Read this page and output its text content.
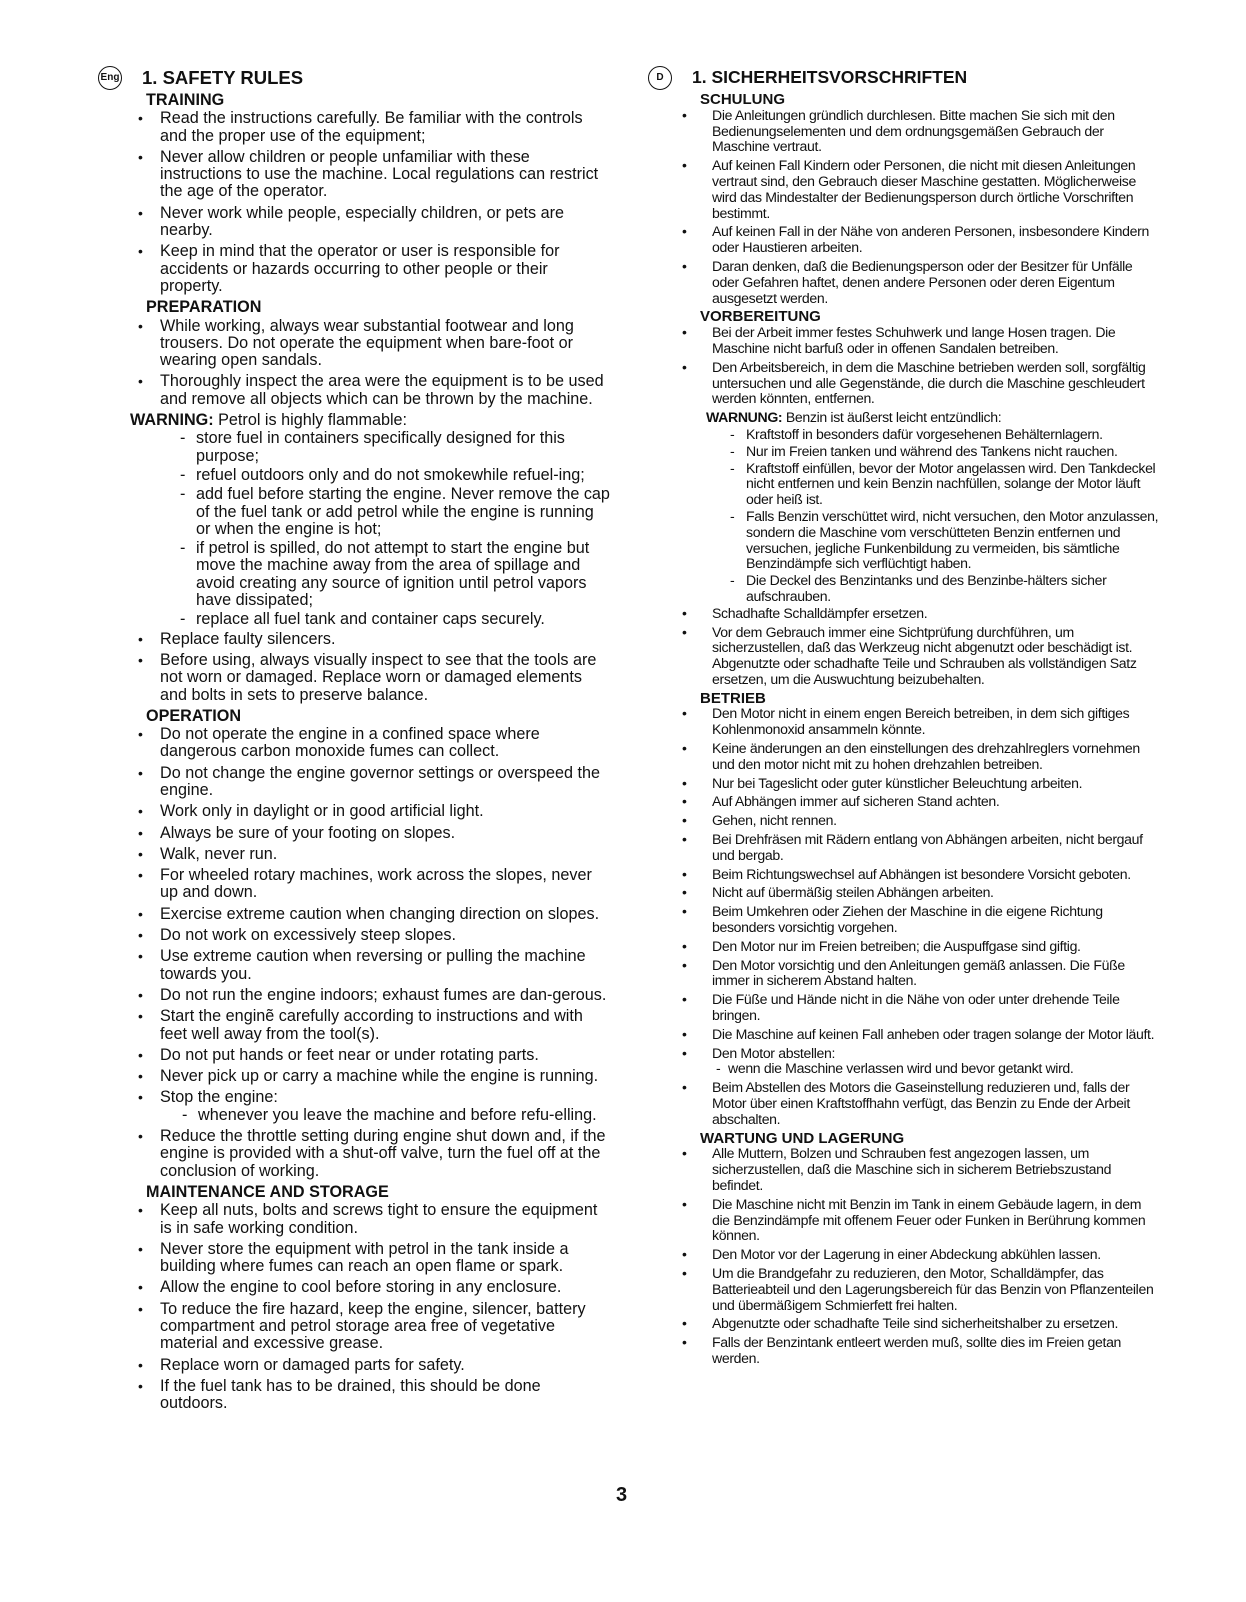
Eng 1. SAFETY RULES
TRAINING
• Read the instructions carefully. Be familiar with the controls and the proper use of the equipment;
• Never allow children or people unfamiliar with these instructions to use the machine. Local regulations can restrict the age of the operator.
• Never work while people, especially children, or pets are nearby.
• Keep in mind that the operator or user is responsible for accidents or hazards occurring to other people or their property.
PREPARATION
• While working, always wear substantial footwear and long trousers. Do not operate the equipment when bare-foot or wearing open sandals.
• Thoroughly inspect the area were the equipment is to be used and remove all objects which can be thrown by the machine.
WARNING: Petrol is highly flammable:
- store fuel in containers specifically designed for this purpose;
- refuel outdoors only and do not smokewhile refuel-ing;
- add fuel before starting the engine. Never remove the cap of the fuel tank or add petrol while the engine is running or when the engine is hot;
- if petrol is spilled, do not attempt to start the engine but move the machine away from the area of spillage and avoid creating any source of ignition until petrol vapors have dissipated;
- replace all fuel tank and container caps securely.
• Replace faulty silencers.
• Before using, always visually inspect to see that the tools are not worn or damaged. Replace worn or damaged elements and bolts in sets to preserve balance.
OPERATION
• Do not operate the engine in a confined space where dangerous carbon monoxide fumes can collect.
• Do not change the engine governor settings or overspeed the engine.
• Work only in daylight or in good artificial light.
• Always be sure of your footing on slopes.
• Walk, never run.
• For wheeled rotary machines, work across the slopes, never up and down.
• Exercise extreme caution when changing direction on slopes.
• Do not work on excessively steep slopes.
• Use extreme caution when reversing or pulling the machine towards you.
• Do not run the engine indoors; exhaust fumes are dan-gerous.
• Start the enginẽ carefully according to instructions and with feet well away from the tool(s).
• Do not put hands or feet near or under rotating parts.
• Never pick up or carry a machine while the engine is running.
• Stop the engine:
- whenever you leave the machine and before refu-elling.
• Reduce the throttle setting during engine shut down and, if the engine is provided with a shut-off valve, turn the fuel off at the conclusion of working.
MAINTENANCE AND STORAGE
• Keep all nuts, bolts and screws tight to ensure the equipment is in safe working condition.
• Never store the equipment with petrol in the tank inside a building where fumes can reach an open flame or spark.
• Allow the engine to cool before storing in any enclosure.
• To reduce the fire hazard, keep the engine, silencer, battery compartment and petrol storage area free of vegetative material and excessive grease.
• Replace worn or damaged parts for safety.
• If the fuel tank has to be drained, this should be done outdoors.
D	1. SICHERHEITSVORSCHRIFTEN
SCHULUNG
• Die Anleitungen gründlich durchlesen. Bitte machen Sie sich mit den Bedienungselementen und dem ordnungsgemäßen Gebrauch der Maschine vertraut.
• Auf keinen Fall Kindern oder Personen, die nicht mit diesen Anleitungen vertraut sind, den Gebrauch dieser Maschine gestatten. Möglicherweise wird das Mindestalter der Bedienungsperson durch örtliche Vorschriften bestimmt.
• Auf keinen Fall in der Nähe von anderen Personen, insbesondere Kindern oder Haustieren arbeiten.
• Daran denken, daß die Bedienungsperson oder der Besitzer für Unfälle oder Gefahren haftet, denen andere Personen oder deren Eigentum ausgesetzt werden.
VORBEREITUNG
• Bei der Arbeit immer festes Schuhwerk und lange Hosen tragen. Die Maschine nicht barfuß oder in offenen Sandalen betreiben.
• Den Arbeitsbereich, in dem die Maschine betrieben werden soll, sorgfältig untersuchen und alle Gegenstände, die durch die Maschine geschleudert werden könnten, entfernen.
WARNUNG: Benzin ist äußerst leicht entzündlich:
- Kraftstoff in besonders dafür vorgesehenen Behälternlagern.
- Nur im Freien tanken und während des Tankens nicht rauchen.
- Kraftstoff einfüllen, bevor der Motor angelassen wird. Den Tankdeckel nicht entfernen und kein Benzin nachfüllen, solange der Motor läuft oder heiß ist.
- Falls Benzin verschüttet wird, nicht versuchen, den Motor anzulassen, sondern die Maschine vom verschütteten Benzin entfernen und versuchen, jegliche Funkenbildung zu vermeiden, bis sämtliche Benzindämpfe sich verflüchtigt haben.
- Die Deckel des Benzintanks und des Benzinbe-hälters sicher aufschrauben.
• Schadhafte Schalldämpfer ersetzen.
• Vor dem Gebrauch immer eine Sichtprüfung durchführen, um sicherzustellen, daß das Werkzeug nicht abgenutzt oder beschädigt ist. Abgenutzte oder schadhafte Teile und Schrauben als vollständigen Satz ersetzen, um die Auswuchtung beizubehalten.
BETRIEB
• Den Motor nicht in einem engen Bereich betreiben, in dem sich giftiges Kohlenmonoxid ansammeln könnte.
• Keine änderungen an den einstellungen des drehzahlreglers vornehmen und den motor nicht mit zu hohen drehzahlen betreiben.
• Nur bei Tageslicht oder guter künstlicher Beleuchtung arbeiten.
• Auf Abhängen immer auf sicheren Stand achten.
• Gehen, nicht rennen.
• Bei Drehfräsen mit Rädern entlang von Abhängen arbeiten, nicht bergauf und bergab.
• Beim Richtungswechsel auf Abhängen ist besondere Vorsicht geboten.
• Nicht auf übermäßig steilen Abhängen arbeiten.
• Beim Umkehren oder Ziehen der Maschine in die eigene Richtung besonders vorsichtig vorgehen.
• Den Motor nur im Freien betreiben; die Auspuffgase sind giftig.
• Den Motor vorsichtig und den Anleitungen gemäß anlassen. Die Füße immer in sicherem Abstand halten.
• Die Füße und Hände nicht in die Nähe von oder unter drehende Teile bringen.
• Die Maschine auf keinen Fall anheben oder tragen solange der Motor läuft.
• Den Motor abstellen:
- wenn die Maschine verlassen wird und bevor getankt wird.
• Beim Abstellen des Motors die Gaseinstellung reduzieren und, falls der Motor über einen Kraftstoffhahn verfügt, das Benzin zu Ende der Arbeit abschalten.
WARTUNG UND LAGERUNG
• Alle Muttern, Bolzen und Schrauben fest angezogen lassen, um sicherzustellen, daß die Maschine sich in sicherem Betriebszustand befindet.
• Die Maschine nicht mit Benzin im Tank in einem Gebäude lagern, in dem die Benzindämpfe mit offenem Feuer oder Funken in Berührung kommen können.
• Den Motor vor der Lagerung in einer Abdeckung abkühlen lassen.
• Um die Brandgefahr zu reduzieren, den Motor, Schalldämpfer, das Batterieabteil und den Lagerungsbereich für das Benzin von Pflanzenteilen und übermäßigem Schmierfett frei halten.
• Abgenutzte oder schadhafte Teile sind sicherheitshalber zu ersetzen.
• Falls der Benzintank entleert werden muß, sollte dies im Freien getan werden.
3
